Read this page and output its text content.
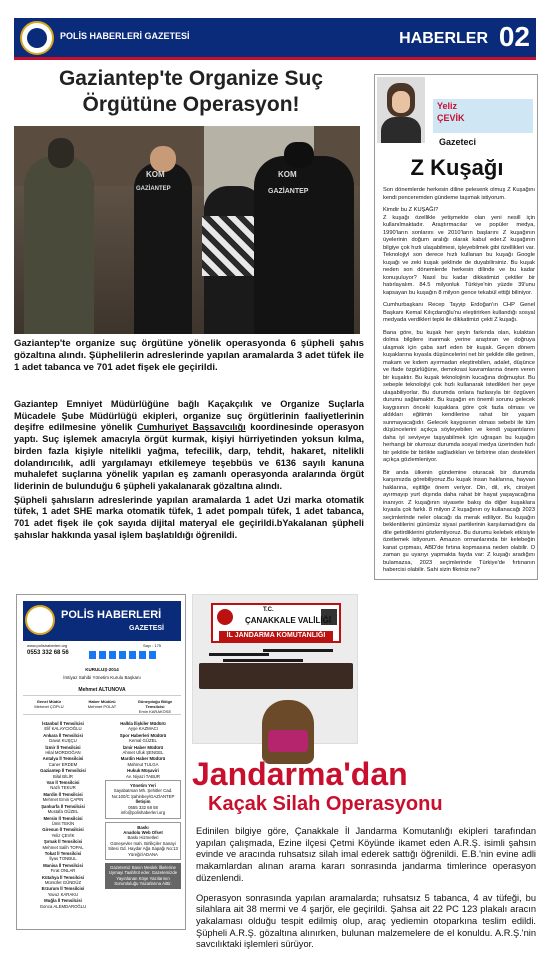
POLİS HABERLERİ GAZETESİ	HABERLER 02
Gaziantep'te Organize Suç
Örgütüne Operasyon!
KOM
GAZİANTEP
KOM
GAZİANTEP
Gaziantep'te organize suç örgütüne yönelik operasyonda 6 şüpheli şahıs gözaltına alındı. Şüphelilerin adreslerinde yapılan aramalarda 3 adet tüfek ile 1 adet tabanca ve 701 adet fişek ele geçirildi.

Gaziantep Emniyet Müdürlüğüne bağlı Kaçakçılık ve Organize Suçlarla Mücadele Şube Müdürlüğü ekipleri, organize suç örgütlerinin faaliyetlerinin deşifre edilmesine yönelik Cumhuriyet Başsavcılığı koordinesinde operasyon yaptı. Suç işlemek amacıyla örgüt kurmak, kişiyi hürriyetinden yoksun kılma, birden fazla kişiyle nitelikli yağma, tefecilik, darp, tehdit, hakaret, nitelikli dolandırıcılık, adli yargılamayı etkilemeye teşebbüs ve 6136 sayılı kanuna muhalefet suçlarına yönelik yapılan eş zamanlı operasyonda aralarında örgüt liderinin de bulunduğu 6 şüpheli yakalanarak gözaltına alındı.

Şüpheli şahısların adreslerinde yapılan aramalarda 1 adet Uzi marka otomatik tüfek, 1 adet SHE marka otomatik tüfek, 1 adet pompalı tüfek, 1 adet tabanca, 701 adet fişek ile çok sayıda dijital materyal ele geçirildi.bYakalanan şüpheli şahıslar hakkında yasal işlem başlatıldığı öğrenildi.

Yeliz
ÇEVİK
Gazeteci
Z Kuşağı

Son dönemlerde herkesin diline pelesenk olmuş Z Kuşağını kendi penceremden gündeme taşımak istiyorum.

Kimdir bu Z KUŞAĞI?
Z kuşağı özellikle yetişmekte olan yeni nesill için kullanılmaktadır. Araştırmacılar ve popüler medya, 1990'ların sonlarını ve 2010'ların başlarını Z kuşağının üyelerinin doğum aralığı olarak kabul eder.Z kuşağının bilgiye çok hızlı ulaşabilmesi, işleyebilmek gibi özellikleri var. Teknolojiyi son derece hızlı kullanan bu kuşağı Google kuşağı ve zeki kuşak şeklinde de duyabilirsiniz. Bu kuşak neden son dönemlerde herkesin dilinde ve bu kadar konuşuluyor? Nasıl bu kadar dikkatimizi çektiler bir hatırlayalım. 84.5 milyonluk Türkiye'nin yüzde 39'unu kapsayan bu kuşağın 8 milyon gence tekabül ettiği biliniyor.

Cumhurbaşkanı Recep Tayyip Erdoğan'ın CHP Genel Başkanı Kemal Kılıçdaroğlu'nu eleştirirken kullandığı sosyal medyada verdikleri tepki ile dikkatimizi çekti Z kuşağı.

Bana göre, bu kuşak her şeyin farkında olan, kulaktan dolma bilgilere inanmak yerine araştıran ve doğruya ulaşmak için çaba sarf eden bir kuşak. Geçen dönem kuşaklarına kıyasla düşüncelerini net bir şekilde dile getiren, makam ve kıdem ayırmadan eleştirebilen, adalet, düşünce ve ifade özgürlüğüne, demokrasi kavramlarına önem veren bir kuşaktır. Bu kuşak teknolojinin kucağına doğmuştur. Bu sebeple teknolojiyi çok hızlı kullanarak istedikleri her şeye ulaşabiliyorlar. Bu durumda onlara fazlasıyla bir özgüven durumu sağlamaktır. Bu kuşağın en önemli sorunu gelecek kaygısının önceki kuşaklara göre çok fazla olması ve aldıkları eğitimin kendilerine rahat bir yaşam sunmayacağıdır. Gelecek kaygısının olması sebebi ile tüm düşüncelerini açıkça söyleyebilen ve kendi yaşantılarını daha iyi seviyeye taşıyabilmek için uğraşan bu kuşağın herhangi bir olumsuz durumda sosyal medya üzerinden hızlı bir şekilde bir birlikte sağladıkları ve birbirine olan destekleri açıkça gözlemleniyor.

Bir anda ülkenin gündemine oturacak bir durumda karşımızda görebiliyoruz.Bu kuşak insan haklarına, hayvan haklarına, eşitliğe önem veriyor. Din, dil, ırk, cinsiyet ayırmayıp yurt dışında daha rahat bir hayat yaşayacağına inanıyor. Z kuşağının siyasete bakış da diğer kuşaklara kıyasla çok farklı. 8 milyon Z kuşağının oy kullanacağı 2023 seçimlerinde neler olacağı da merak ediliyor. Bu kuşağın beklentilerini günümüz siyasi partilerinin karşılamadığını da dile getirdiklerini gözlemliyoruz. Bu durumu kelebek etkisiyle özetlemek istiyorum. Amazon ormanlarında bir kelebeğin kanat çırpması, ABD'de fırtına kopmasına neden olabilir. O zaman şu uyarıyı yapmakta fayda var: Z kuşağı aradığını bulamazsa, 2023 seçimlerinde Türkiye'de fırtınanın habercisi olabilir. Sahi sizin fikriniz ne?

POLİS HABERLERİ
GAZETESİ
www.polishaberleri.org
0553 332 68 56
Sayı : 175
KURULUŞ-2014
İmtiyaz Sahibi Yönetim Kurulu Başkanı
Mehmet ALTUNOVA
Genel Müdür
Mehmet ÇÖPLÜ
Haber Müdürü
Mehmet POLAT
Güneydoğu Bölge Temsilcisi
Emin KARAKÖSE
İstanbul İl Temsilcisi
Elif KALAYCIOĞLU
Ankara İl Temsilcisi
Davut KUŞÇU
İzmir İl Temsilcisi
Hilal MORDOĞAN
Antalya İl Temsilcisi
Caner ERDEM
Gaziantep İl Temsilcisi
Bilal BİLİR
Van İl Temsilcisi
Nazlı TEKUR
Mardin İl Temsilcisi
Mehmet Emin ÇAPIN
Şanlıurfa İl Temsilcisi
Mustafa GÜZEL
Mersin İl Temsilcisi
Ümit TEKİN
Giresun İl Temsilcisi
Yeliz ÇEVİK
Şırnak İl Temsilcisi
Mehmet Salih TOPAL
Tokat İl Temsilcisi
İlyas TONBUL
Manisa İl Temsilcisi
Fırat ONLAR
Kütahya İl Temsilcisi
Mürsüfet GÜNDÜZ
Erzurum İl Temsilcisi
Yavuz KARAKU
Muğla İl Temsilcisi
Gonca ALEMDAROĞLU
Halkla İlişkiler Müdürü
Ayşe KAZMACI
Spor Haberleri Müdürü
Kemal GÜZEL
İzmir Haber Müdürü
Ahmet Ufuk ŞENGEL
Mardin Haber Müdürü
Mahmut TULGA
Hukuk Müşaviri
Av. Niyazi TABUR
Yönetim Yeri
Sayabatman Mh. Şehitler Cad. No:100/C Şahinbey/GAZİANTEP
İletişim
0555 332 68 58
info@polishaberleri.org
Baskı
Anadolu Web Ofset
Baskı Hizmetleri
Güneşevler mah. Birlikçiler Sanayi Sitesi Gd. Haydar Ağa Sapağı No:13 Yüreğir/ADANA
Gazetemiz Basın Meslek İlkelerine Uymayı Taahhüt eder. Gazetemizde Yayınlanan Köşe Yazılarının Sorumluluğu Yazarlarına Aittir.
T.C.
ÇANAKKALE VALİLİĞİ
İL JANDARMA KOMUTANLIĞI
Jandarma'dan
Kaçak Silah Operasyonu

Edinilen bilgiye göre, Çanakkale İl Jandarma Komutanlığı ekipleri tarafından yapılan çalışmada, Ezine ilçesi Çetmi Köyünde ikamet eden A.R.Ş. isimli şahsın evinde ve aracında ruhsatsız silah imal ederek sattığı öğrenildi. E.B.'nin evine adli makamlardan alınan arama kararı sonrasında jandarma timlerince operasyon düzenlendi.

Operasyon sonrasında yapılan aramalarda; ruhsatsız 5 tabanca, 4 av tüfeği, bu silahlara ait 38 mermi ve 4 şarjör, ele geçirildi. Şahsa ait 22 PC 123 plakalı aracın yakalaması olduğu tespit edilmiş olup, araç yediemin otoparkına teslim edildi. Şüpheli A.R.Ş. gözaltına alınırken, bulunan malzemelere de el konuldu. A.R.Ş.'nin savcılıktaki işlemleri sürüyor.
